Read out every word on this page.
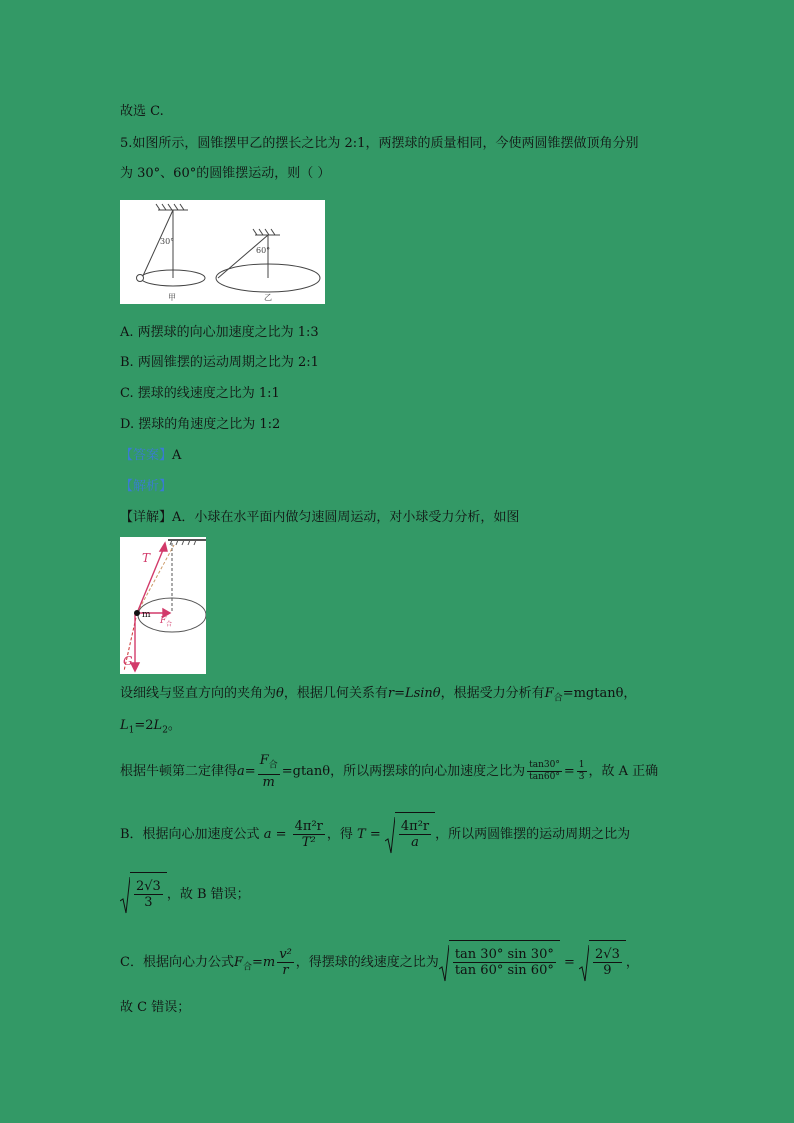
故选 C.
5.如图所示，圆锥摆甲乙的摆长之比为 2:1，两摆球的质量相同，今使两圆锥摆做顶角分别
为 30°、60°的圆锥摆运动，则（ ）
30°
60°
甲	乙
A. 两摆球的向心加速度之比为 1:3
B. 两圆锥摆的运动周期之比为 2:1
C. 摆球的线速度之比为 1:1
D. 摆球的角速度之比为 1:2
【答案】A
【解析】
【详解】A．小球在水平面内做匀速圆周运动，对小球受力分析，如图
T
G
m
F 合
设细线与竖直方向的夹角为θ，根据几何关系有r=Lsinθ，根据受力分析有$F_合=mgtan\theta$，
$L_1=2L_2$。
根据牛顿第二定律得$a= \frac{F_合}{m} =gtan\theta$，所以两摆球的向心加速度之比为 $\frac{\tan 30^\circ}{\tan 60^\circ} = \frac{1}{3}$ ，故 A 正确
B．根据向心加速度公式 $a = \frac{\text{4π²r}}{\text{T²}}$ ，得 $T = \frac{\text{4π²r}}{a}$ ，所以两圆锥摆的运动周期之比为
$\frac{2√3}{3}$ ，故 B 错误；
C．根据向心力公式$F_合=m \frac{\text{v²}}{r}$ ，得摆球的线速度之比为 $\frac{\tan 30^\circ \sin 30^\circ}{\tan 60^\circ \sin 60^\circ} = \frac{2√3}{9}$ ，
故 C 错误；
